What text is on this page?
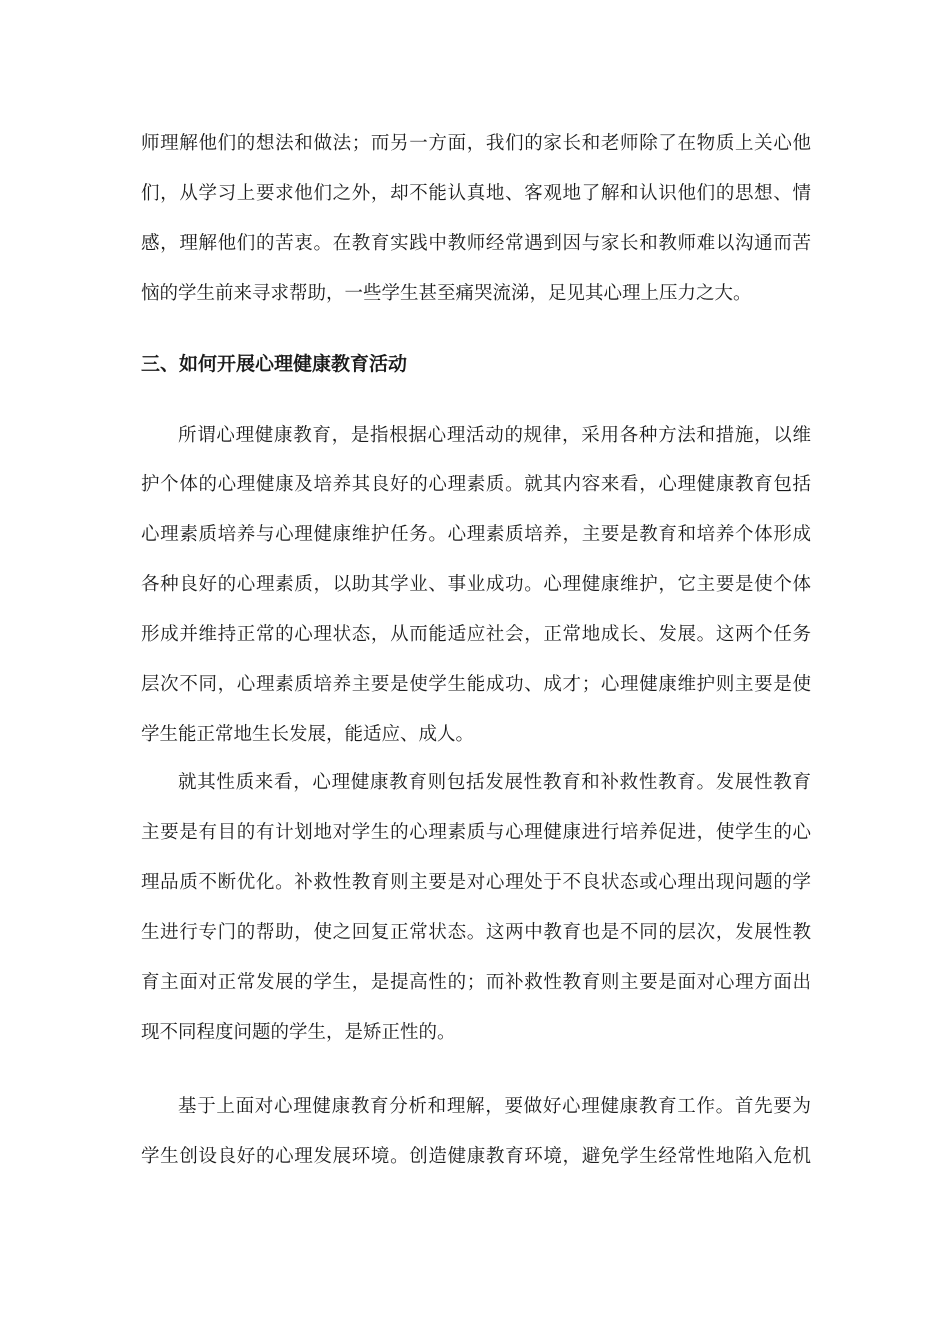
师理解他们的想法和做法；而另一方面，我们的家长和老师除了在物质上关心他
们，从学习上要求他们之外，却不能认真地、客观地了解和认识他们的思想、情
感，理解他们的苦衷。在教育实践中教师经常遇到因与家长和教师难以沟通而苦
恼的学生前来寻求帮助，一些学生甚至痛哭流涕，足见其心理上压力之大。
三、如何开展心理健康教育活动
所谓心理健康教育，是指根据心理活动的规律，采用各种方法和措施，以维
护个体的心理健康及培养其良好的心理素质。就其内容来看，心理健康教育包括
心理素质培养与心理健康维护任务。心理素质培养，主要是教育和培养个体形成
各种良好的心理素质，以助其学业、事业成功。心理健康维护，它主要是使个体
形成并维持正常的心理状态，从而能适应社会，正常地成长、发展。这两个任务
层次不同，心理素质培养主要是使学生能成功、成才；心理健康维护则主要是使
学生能正常地生长发展，能适应、成人。
就其性质来看，心理健康教育则包括发展性教育和补救性教育。发展性教育
主要是有目的有计划地对学生的心理素质与心理健康进行培养促进，使学生的心
理品质不断优化。补救性教育则主要是对心理处于不良状态或心理出现问题的学
生进行专门的帮助，使之回复正常状态。这两中教育也是不同的层次，发展性教
育主面对正常发展的学生，是提高性的；而补救性教育则主要是面对心理方面出
现不同程度问题的学生，是矫正性的。
基于上面对心理健康教育分析和理解，要做好心理健康教育工作。首先要为
学生创设良好的心理发展环境。创造健康教育环境，避免学生经常性地陷入危机
